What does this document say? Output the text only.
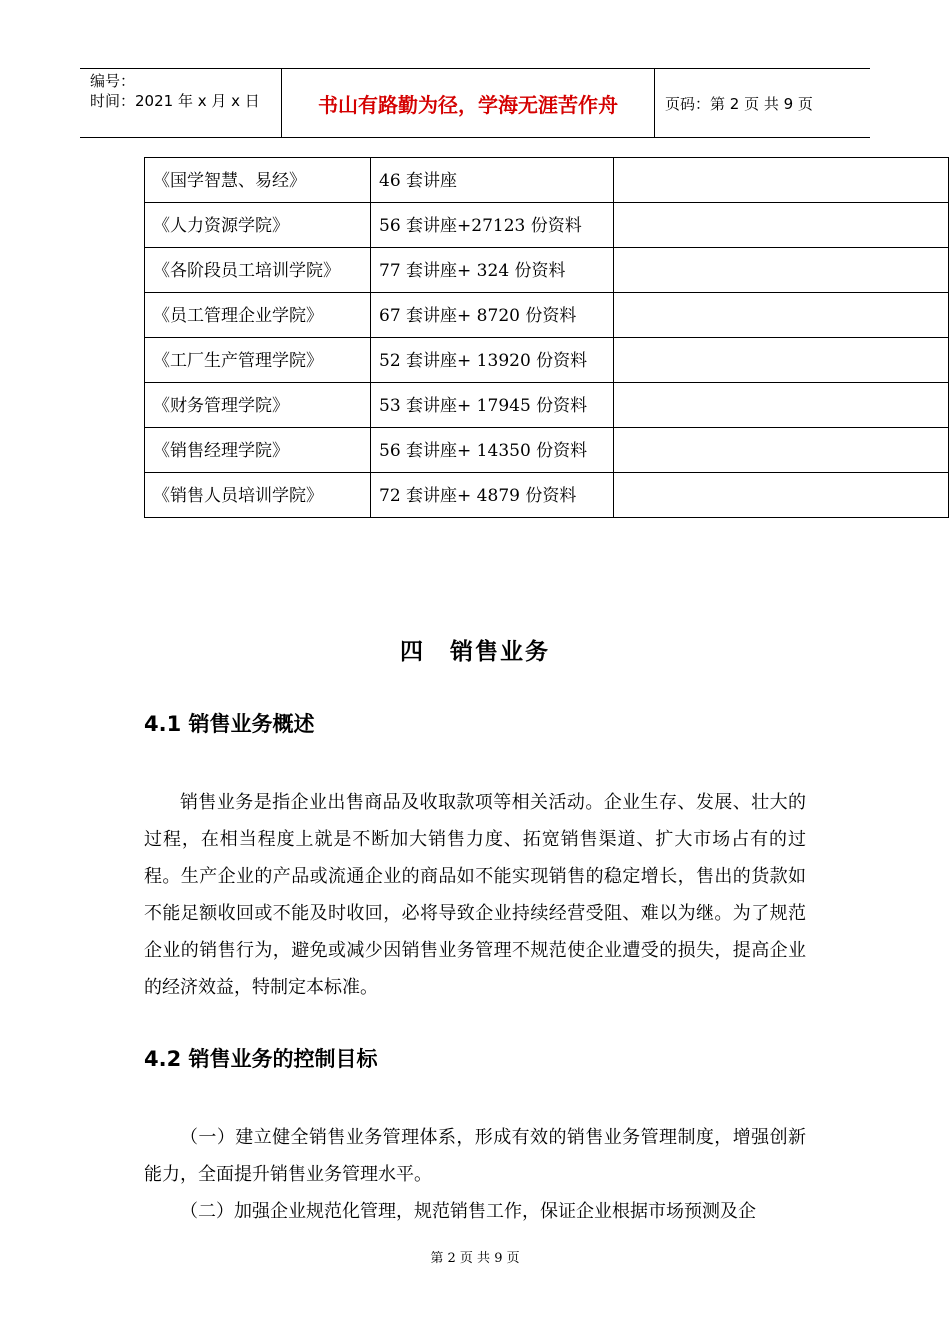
编号：
时间：2021 年 x 月 x 日	书山有路勤为径，学海无涯苦作舟	页码：第 2 页 共 9 页
《国学智慧、易经》	46 套讲座	
《人力资源学院》	56 套讲座+27123 份资料	
《各阶段员工培训学院》	77 套讲座+ 324 份资料	
《员工管理企业学院》	67 套讲座+ 8720 份资料	
《工厂生产管理学院》	52 套讲座+ 13920 份资料	
《财务管理学院》	53 套讲座+ 17945 份资料	
《销售经理学院》	56 套讲座+ 14350 份资料	
《销售人员培训学院》	72 套讲座+ 4879 份资料	
四　销售业务
4.1 销售业务概述

销售业务是指企业出售商品及收取款项等相关活动。企业生存、发展、壮大的过程，在相当程度上就是不断加大销售力度、拓宽销售渠道、扩大市场占有的过程。生产企业的产品或流通企业的商品如不能实现销售的稳定增长，售出的货款如不能足额收回或不能及时收回，必将导致企业持续经营受阻、难以为继。为了规范企业的销售行为，避免或减少因销售业务管理不规范使企业遭受的损失，提高企业的经济效益，特制定本标准。

4.2 销售业务的控制目标

（一）建立健全销售业务管理体系，形成有效的销售业务管理制度，增强创新能力，全面提升销售业务管理水平。

（二）加强企业规范化管理，规范销售工作，保证企业根据市场预测及企

第 2 页 共 9 页
